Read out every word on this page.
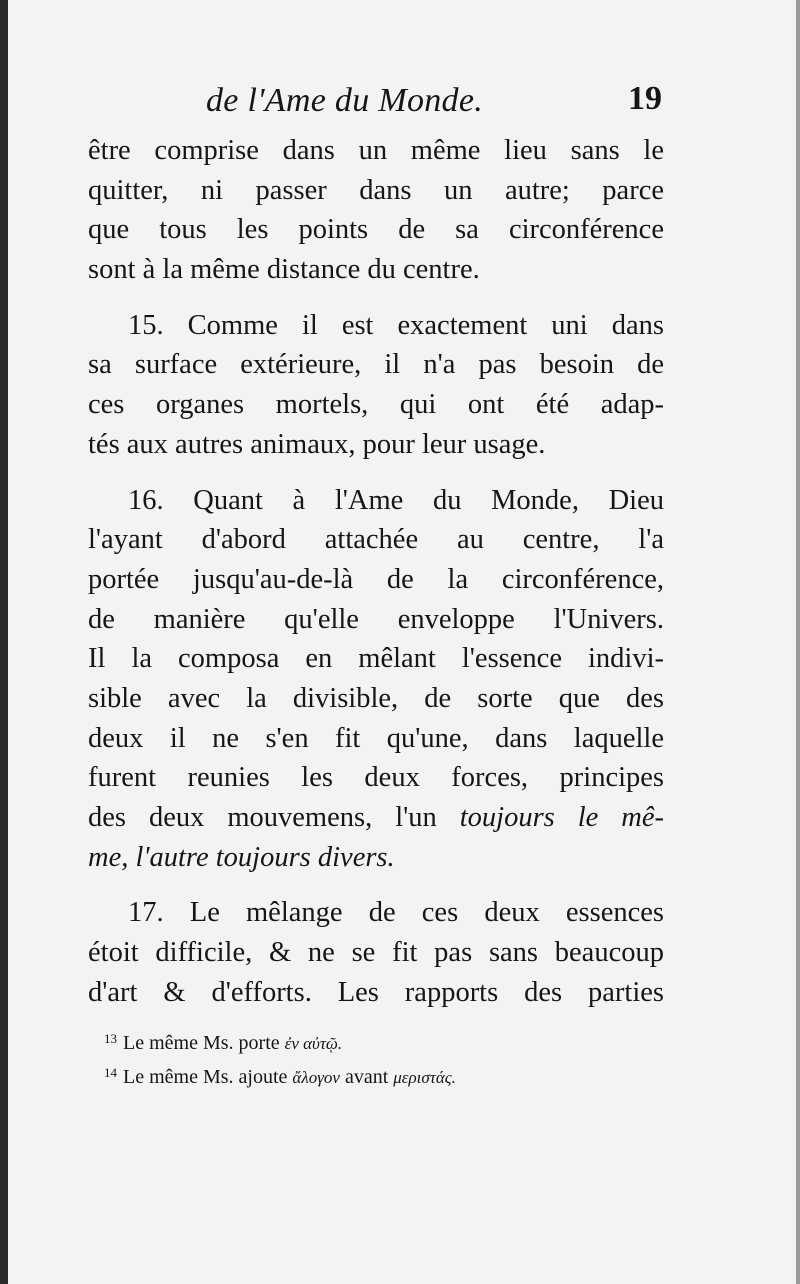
de l'Ame du Monde.	19
être comprise dans un même lieu sans le
quitter, ni passer dans un autre; parce
que tous les points de sa circonférence
sont à la même distance du centre.
15. Comme il est exactement uni dans
sa surface extérieure, il n'a pas besoin de
ces organes mortels, qui ont été adap-
tés aux autres animaux, pour leur usage.
16. Quant à l'Ame du Monde, Dieu
l'ayant d'abord attachée au centre, l'a
portée jusqu'au-de-là de la circonférence,
de manière qu'elle enveloppe l'Univers.
Il la composa en mêlant l'essence indivi-
sible avec la divisible, de sorte que des
deux il ne s'en fit qu'une, dans laquelle
furent reunies les deux forces, principes
des deux mouvemens, l'un toujours le mê-
me, l'autre toujours divers.
17. Le mêlange de ces deux essences
étoit difficile, & ne se fit pas sans beaucoup
d'art & d'efforts. Les rapports des parties
$^{13}$ Le même Ms. porte ἐν αὐτῷ.
$^{14}$ Le même Ms. ajoute ἄλογον avant μεριστάς.
